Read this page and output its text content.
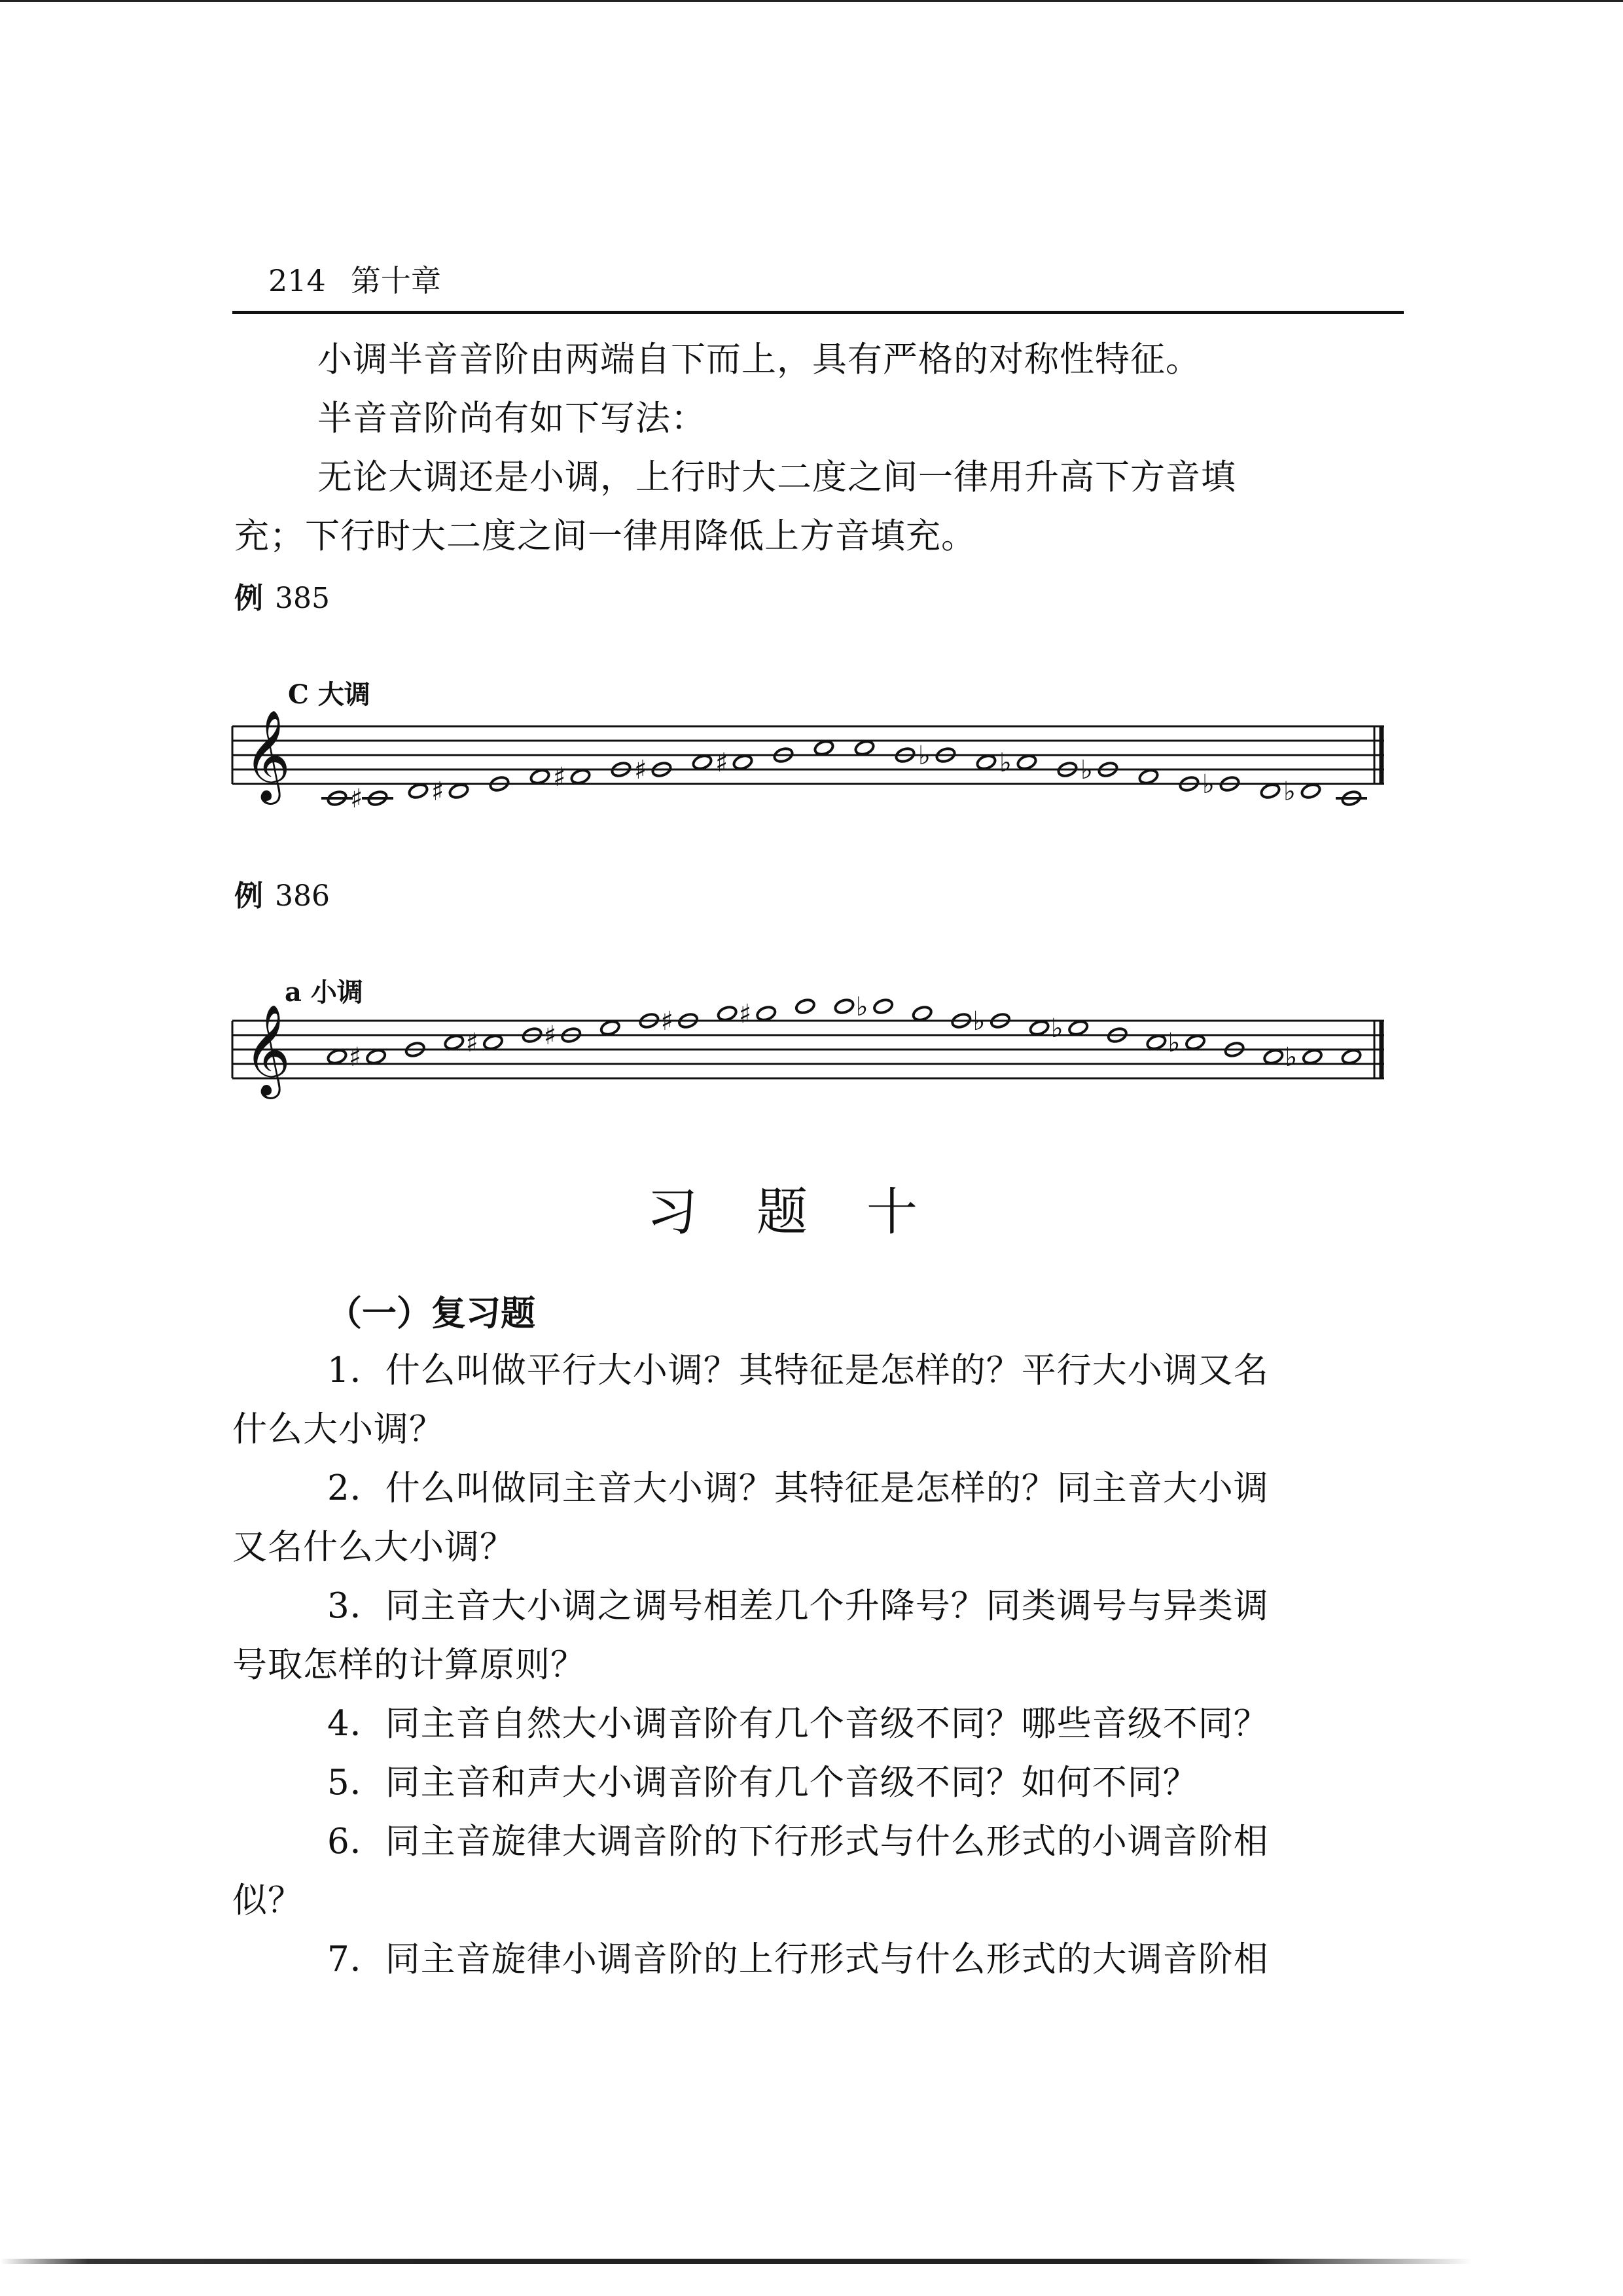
214 第十章
小调半音音阶由两端自下而上，具有严格的对称性特征。
半音音阶尚有如下写法：
无论大调还是小调，上行时大二度之间一律用升高下方音填
充；下行时大二度之间一律用降低上方音填充。
例 385
C 大调
𝄞 ♯	♯	♯	♯	♯	♭	♭	♭	♭	♭
例 386
a 小调
𝄞 ♯	♯ ♯	♯ ♯	♭	♭	♭	♭	♭
习题十
（一）复习题
1．什么叫做平行大小调？其特征是怎样的？平行大小调又名
什么大小调？
2．什么叫做同主音大小调？其特征是怎样的？同主音大小调
又名什么大小调？
3．同主音大小调之调号相差几个升降号？同类调号与异类调
号取怎样的计算原则？
4．同主音自然大小调音阶有几个音级不同？哪些音级不同？
5．同主音和声大小调音阶有几个音级不同？如何不同？
6．同主音旋律大调音阶的下行形式与什么形式的小调音阶相
似？
7．同主音旋律小调音阶的上行形式与什么形式的大调音阶相
